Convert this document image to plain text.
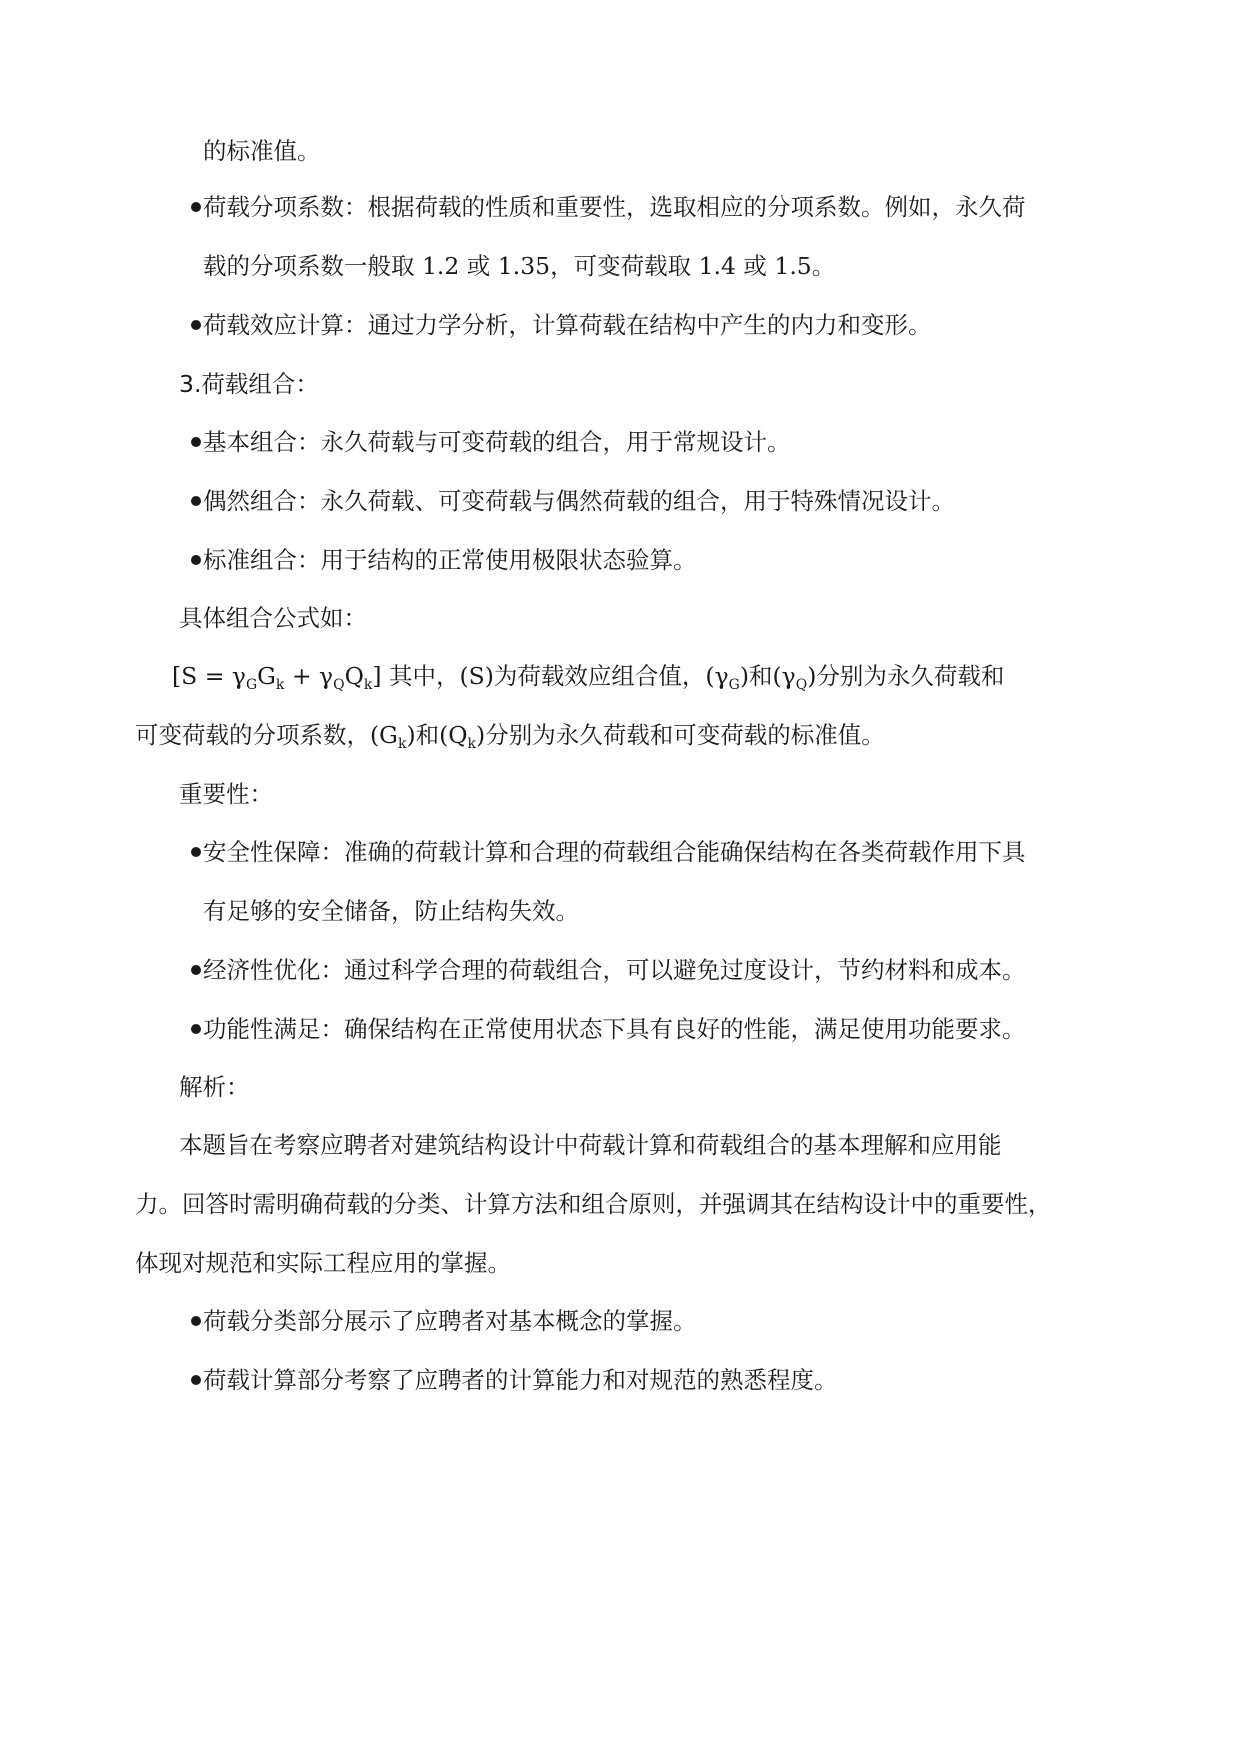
的标准值。
荷载分项系数：根据荷载的性质和重要性，选取相应的分项系数。例如，永久荷
载的分项系数一般取 1.2 或 1.35，可变荷载取 1.4 或 1.5。
荷载效应计算：通过力学分析，计算荷载在结构中产生的内力和变形。
3.荷载组合：
基本组合：永久荷载与可变荷载的组合，用于常规设计。
偶然组合：永久荷载、可变荷载与偶然荷载的组合，用于特殊情况设计。
标准组合：用于结构的正常使用极限状态验算。
具体组合公式如：
$[S = \gamma_GG_k + \gamma_QQ_k]$ 其中，(S)为荷载效应组合值，$(\gamma_G)$和$(\gamma_Q)$分别为永久荷载和
可变荷载的分项系数，$(G_k)$和$(Q_k)$分别为永久荷载和可变荷载的标准值。
重要性：
安全性保障：准确的荷载计算和合理的荷载组合能确保结构在各类荷载作用下具
有足够的安全储备，防止结构失效。
经济性优化：通过科学合理的荷载组合，可以避免过度设计，节约材料和成本。
功能性满足：确保结构在正常使用状态下具有良好的性能，满足使用功能要求。
解析：
本题旨在考察应聘者对建筑结构设计中荷载计算和荷载组合的基本理解和应用能
力。回答时需明确荷载的分类、计算方法和组合原则，并强调其在结构设计中的重要性，
体现对规范和实际工程应用的掌握。
荷载分类部分展示了应聘者对基本概念的掌握。
荷载计算部分考察了应聘者的计算能力和对规范的熟悉程度。
